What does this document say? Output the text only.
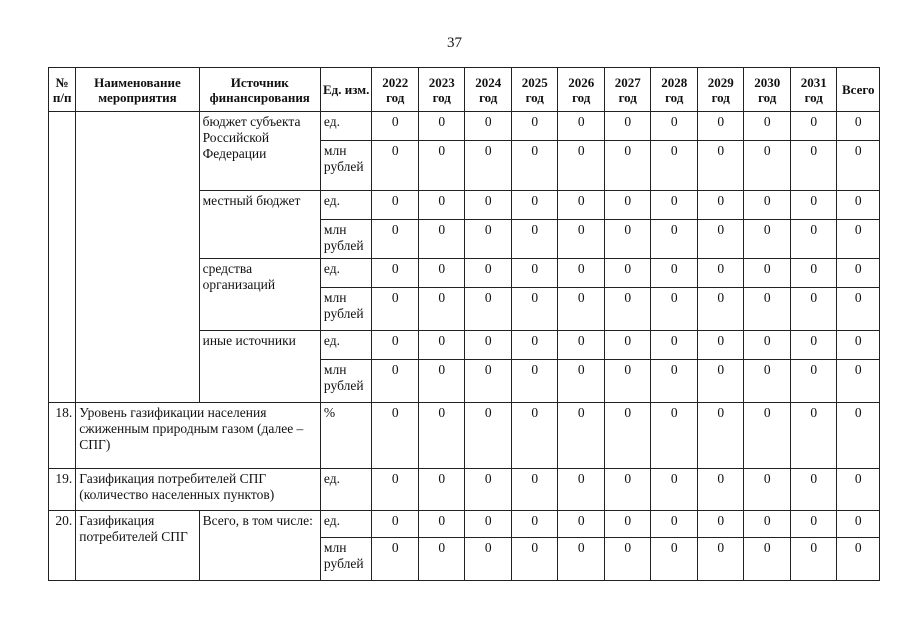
37
№ п/п	Наименование мероприятия	Источник финансирования	Ед. изм.	2022 год	2023 год	2024 год	2025 год	2026 год	2027 год	2028 год	2029 год	2030 год	2031 год	Всего
		бюджет субъекта Российской Федерации	ед.	0	0	0	0	0	0	0	0	0	0	0
			млн рублей	0	0	0	0	0	0	0	0	0	0	0
		местный бюджет	ед.	0	0	0	0	0	0	0	0	0	0	0
			млн рублей	0	0	0	0	0	0	0	0	0	0	0
		средства организаций	ед.	0	0	0	0	0	0	0	0	0	0	0
			млн рублей	0	0	0	0	0	0	0	0	0	0	0
		иные источники	ед.	0	0	0	0	0	0	0	0	0	0	0
			млн рублей	0	0	0	0	0	0	0	0	0	0	0
18.	Уровень газификации населения сжиженным природным газом (далее – СПГ)		%	0	0	0	0	0	0	0	0	0	0	0
19.	Газификация потребителей СПГ (количество населенных пунктов)		ед.	0	0	0	0	0	0	0	0	0	0	0
20.	Газификация потребителей СПГ	Всего, в том числе:	ед.	0	0	0	0	0	0	0	0	0	0	0
			млн рублей	0	0	0	0	0	0	0	0	0	0	0
